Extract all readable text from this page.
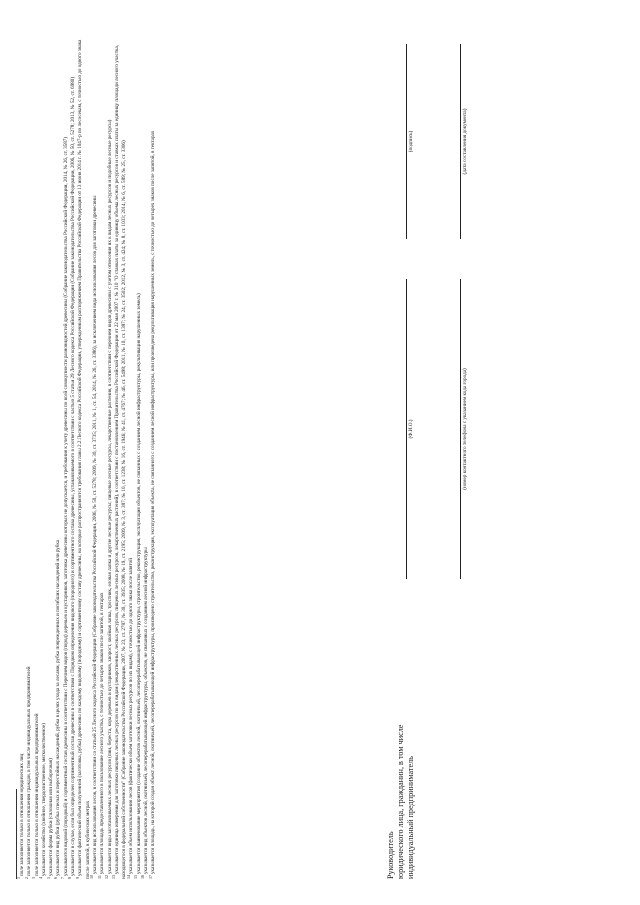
$^1$поле заполняется только в отношении юридических лиц

$^2$поле заполняется только в отношении граждан, в том числе индивидуальных предпринимателей

$^3$поле заполняется только в отношении индивидуальных предпринимателей

$^4$указывается хозяйство (хвойное, твердолиственное, мягколиственное)

$^5$указывается форма рубки (сплошная или выборочная)

$^6$указывается вид рубки (рубка спелых и перестойных насаждений, рубка в целях ухода за лесами, рубка поврежденных и погибших насаждений или рубка

$^7$указываются видовой (породный) и сортиментный состав древесины в соответствии с Перечнем видов (пород) деревьев и кустарников, заготовка древесины которых не допускается, и требования к учету древесины по всей совокупности разновидностей древесины (Собрание законодательства Российской Федерации, 2014, № 26, ст. 3587)

$^8$указывается в случае, если был определен сортиментный состав древесины в соответствии с Порядком определения видового (породного) и сортиментного состава древесины, устанавливаемого в соответствии с частью 5 статьи 29 Лесного кодекса Российской Федерации (Собрание законодательства Российской Федерации, 2006, № 50, ст. 5278; 2013, № 52, ст. 6980)

$^9$указывается фактический объем полученной (заготовка, рубка) древесины по каждому видовому (породному) и сортиментному составу древесины, на которые распространяются требования главы 2.2 Лесного кодекса Российской Федерации, утвержденным распоряжением Правительства Российской Федерации от 13 июня 2014 г. № 1047-р по лесосекам, с точностью до одного знака после запятой, в кубических метрах

$^{10}$указывается вид использования лесов, в соответствии со статьей 25 Лесного кодекса Российской Федерации (Собрание законодательства Российской Федерации, 2006, № 50, ст. 5278; 2009, № 30, ст. 3735; 2011, № 1, ст. 54, 2014, № 26, ст. 3386), за исключением вида использования лесов для заготовки древесины

$^{11}$указывается площадь предоставленного в пользование лесного участка, с точностью до четырех знаков после запятой, в гектарах

$^{12}$указывается виды заготавливаемых лесных ресурсов (пни, береста, кора деревьев и кустарников, хворост, хвойная лапка, тростник, еловая лапка и другие лесные ресурсы; пищевые лесные ресурсы, лекарственные растения, в соответствии с перечнем видов древесины с учетом отнесения их к видам лесных ресурсов и подобные лесные ресурсы)

$^{13}$указывается единица измерения для заготовки пищевых лесных ресурсов по их видам (лекарственных лесных ресурсов, пищевых лесных ресурсов, лекарственных растений), в соответствии с постановлением Правительства Российской Федерации от 22 мая 2007 г. № 310 "О ставках платы за единицу объема лесных ресурсов и ставках платы за единицу площади лесного участка, находящегося в федеральной собственности" (Собрание законодательства Российской Федерации, 2007, № 23, ст. 2787, № 30, ст. 3935; 2008, № 19, ст. 2195; 2009, № 3, ст. 387; № 10, ст. 1238; № 16, ст. 1946; № 41, ст. 4767; № 46, ст. 5498; 2011, № 10, ст. 1387; № 24, ст. 3502; 2012, № 3, ст. 424; № 8, ст. 1033; 2014, № 6, ст. 589; № 25, ст. 3306)

$^{14}$указывается объем использования лесов (фактически объем заготовки лесных ресурсов по их видам), с точностью до одного знака после запятой

$^{15}$указывается наименование мероприятия (создание объектов лесной, охотничьей, лесоперерабатывающей инфраструктуры, строительство, реконструкция, эксплуатация объектов, не связанных с созданием лесной инфраструктуры, рекультивация нарушенных земель)

$^{16}$указывается вид объектов лесной, охотничьей, лесоперерабатывающей инфраструктуры, объектов, не связанных с созданием лесной инфраструктуры

$^{17}$указывается площадь, на которой создан объект лесной, охотничьей, лесоперерабатывающей инфраструктуры, произведено строительство, реконструкция, эксплуатация объекта, не связанного с созданием лесной инфраструктуры, или произведена рекультивация нарушенных земель, с точностью до четырех знаков после запятой, в гектарах	Руководитель юридического лица, гражданин, в том числе индивидуальный предприниматель
(Ф.И.О.)
(подпись)
(номер контактного телефона с указанием кода города)
(дата составления документа)
